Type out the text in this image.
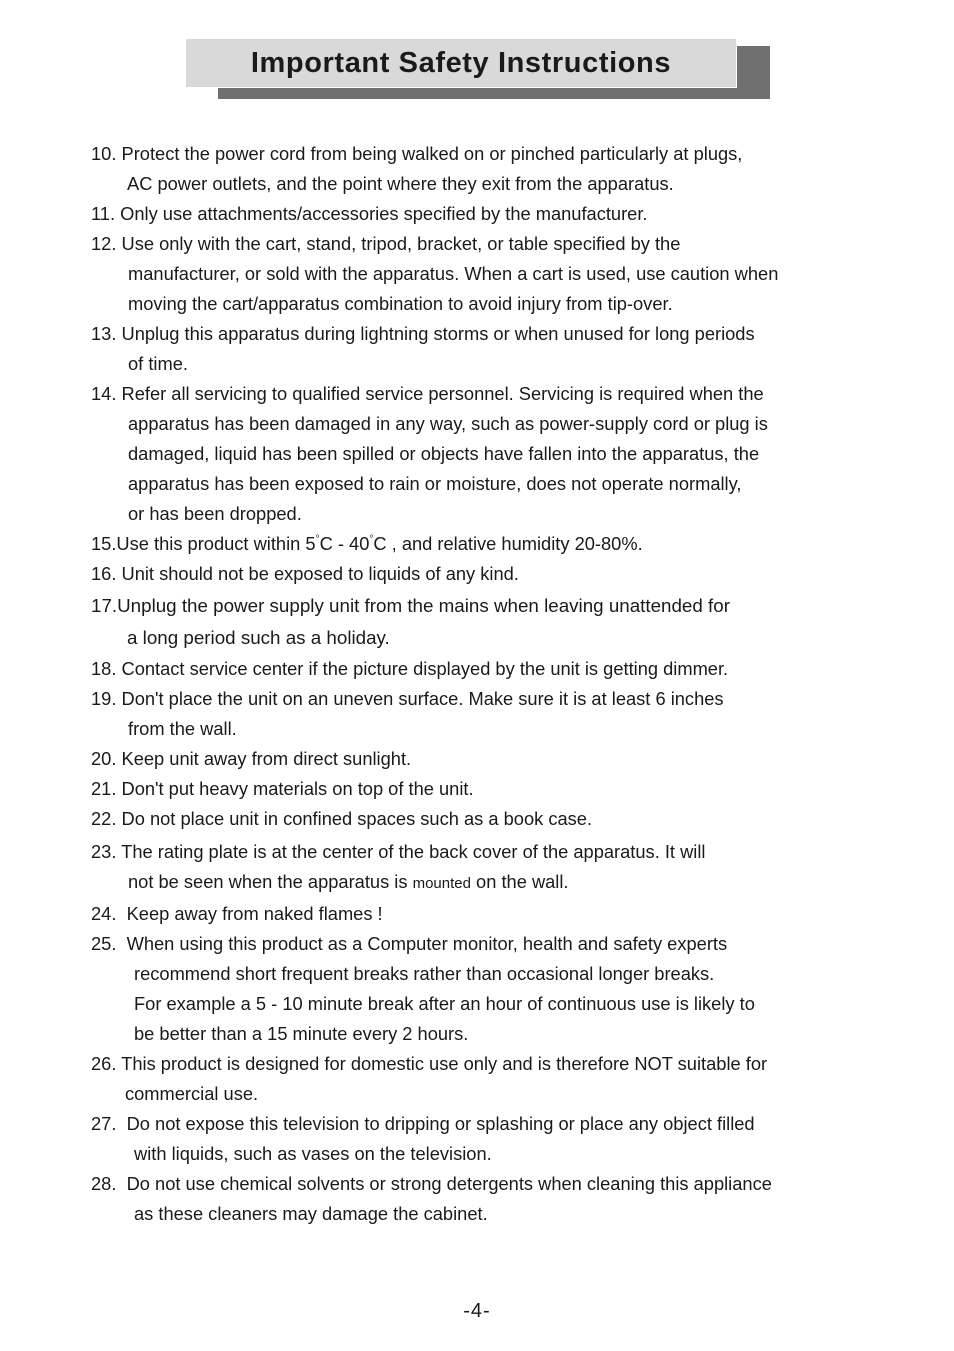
Important Safety Instructions
10. Protect the power cord from being walked on or pinched particularly at plugs,
AC power outlets, and the point where they exit from the apparatus.
11. Only use attachments/accessories specified by the manufacturer.
12. Use only with the cart, stand, tripod, bracket, or table specified by the
manufacturer, or sold with the apparatus. When a cart is used, use caution when
moving the cart/apparatus combination to avoid injury from tip-over.
13. Unplug this apparatus during lightning storms or when unused for long periods
of time.
14. Refer all servicing to qualified service personnel. Servicing is required when the
apparatus has been damaged in any way, such as power-supply cord or plug is
damaged, liquid has been spilled or objects have fallen into the apparatus, the
apparatus has been exposed to rain or moisture, does not operate normally,
or has been dropped.
15.Use this product within 5°C - 40°C , and relative humidity 20-80%.
16. Unit should not be exposed to liquids of any kind.
17.Unplug the power supply unit from the mains when leaving unattended for
a long period such as a holiday.
18. Contact service center if the picture displayed by the unit is getting dimmer.
19. Don't place the unit on an uneven surface. Make sure it is at least 6 inches
from the wall.
20. Keep unit away from direct sunlight.
21. Don't put heavy materials on top of the unit.
22. Do not place unit in confined spaces such as a book case.
23. The rating plate is at the center of the back cover of the apparatus. It will
not be seen when the apparatus is mounted on the wall.
24.  Keep away from naked flames !
25.  When using this product as a Computer monitor, health and safety experts
recommend short frequent breaks rather than occasional longer breaks.
For example a 5 - 10 minute break after an hour of continuous use is likely to
be better than a 15 minute every 2 hours.
26. This product is designed for domestic use only and is therefore NOT suitable for
commercial use.
27.  Do not expose this television to dripping or splashing or place any object filled
with liquids, such as vases on the television.
28.  Do not use chemical solvents or strong detergents when cleaning this appliance
as these cleaners may damage the cabinet.
-4-
